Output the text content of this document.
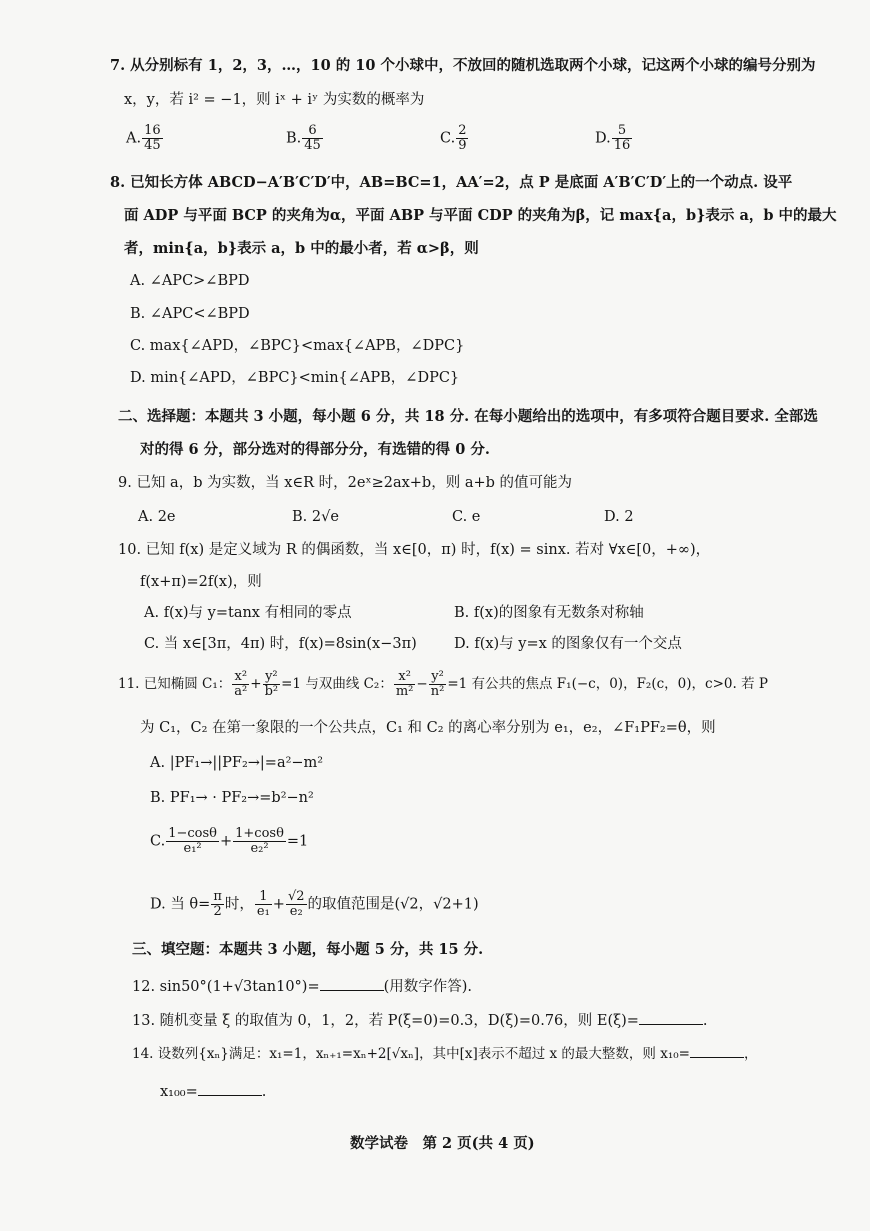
7. 从分别标有 1，2，3，…，10 的 10 个小球中，不放回的随机选取两个小球，记这两个小球的编号分别为
x，y，若 i² = −1，则 iˣ + iʸ 为实数的概率为
A. $\frac{16}{45}$	B. $\frac{6}{45}$	C. $\frac{2}{9}$	D. $\frac{5}{16}$
8. 已知长方体 ABCD−A′B′C′D′中，AB=BC=1，AA′=2，点 P 是底面 A′B′C′D′上的一个动点. 设平
面 ADP 与平面 BCP 的夹角为α，平面 ABP 与平面 CDP 的夹角为β，记 max{a，b}表示 a，b 中的最大
者，min{a，b}表示 a，b 中的最小者，若 α>β，则
A. ∠APC>∠BPD
B. ∠APC<∠BPD
C. max{∠APD，∠BPC}<max{∠APB，∠DPC}
D. min{∠APD，∠BPC}<min{∠APB，∠DPC}
二、选择题：本题共 3 小题，每小题 6 分，共 18 分. 在每小题给出的选项中，有多项符合题目要求. 全部选
对的得 6 分，部分选对的得部分分，有选错的得 0 分.
9. 已知 a，b 为实数，当 x∈R 时，2eˣ≥2ax+b，则 a+b 的值可能为
A. 2e	B. 2√e	C. e	D. 2
10. 已知 f(x) 是定义域为 R 的偶函数，当 x∈[0，π) 时，f(x) = sinx. 若对 ∀x∈[0，+∞)，
f(x+π)=2f(x)，则
A. f(x)与 y=tanx 有相同的零点	B. f(x)的图象有无数条对称轴
C. 当 x∈[3π，4π) 时，f(x)=8sin(x−3π)	D. f(x)与 y=x 的图象仅有一个交点
11. 已知椭圆 C₁： $\frac{\text{x²}}{\text{a²}} + \frac{\text{y²}}{\text{b²}} =1$ 与双曲线 C₂： $\frac{\text{x²}}{\text{m²}} - \frac{\text{y²}}{\text{n²}} =1$ 有公共的焦点 F₁(−c，0)，F₂(c，0)，c>0. 若 P
为 C₁，C₂ 在第一象限的一个公共点，C₁ 和 C₂ 的离心率分别为 e₁，e₂，∠F₁PF₂=θ，则
A. |PF₁→||PF₂→|=a²−m²
B. PF₁→ · PF₂→=b²−n²
C. $\frac{1-\cos\theta}{\text{e₁²}} + \frac{1+\cos\theta}{\text{e₂²}} =1$
D. 当 $\theta= \frac{\pi}{2}$ 时， $\frac{1}{\text{e₁}} + \frac{√2}{\text{e₂}}$ 的取值范围是(√2，√2+1)
三、填空题：本题共 3 小题，每小题 5 分，共 15 分.
12. sin50°(1+√3tan10°)=	(用数字作答).
13. 随机变量 ξ 的取值为 0，1，2，若 P(ξ=0)=0.3，D(ξ)=0.76，则 E(ξ)=	.
14. 设数列{xₙ}满足：x₁=1，xₙ₊₁=xₙ+2[√xₙ]，其中[x]表示不超过 x 的最大整数，则 x₁₀=	，
x₁₀₀=	.
数学试卷　第 2 页(共 4 页)
